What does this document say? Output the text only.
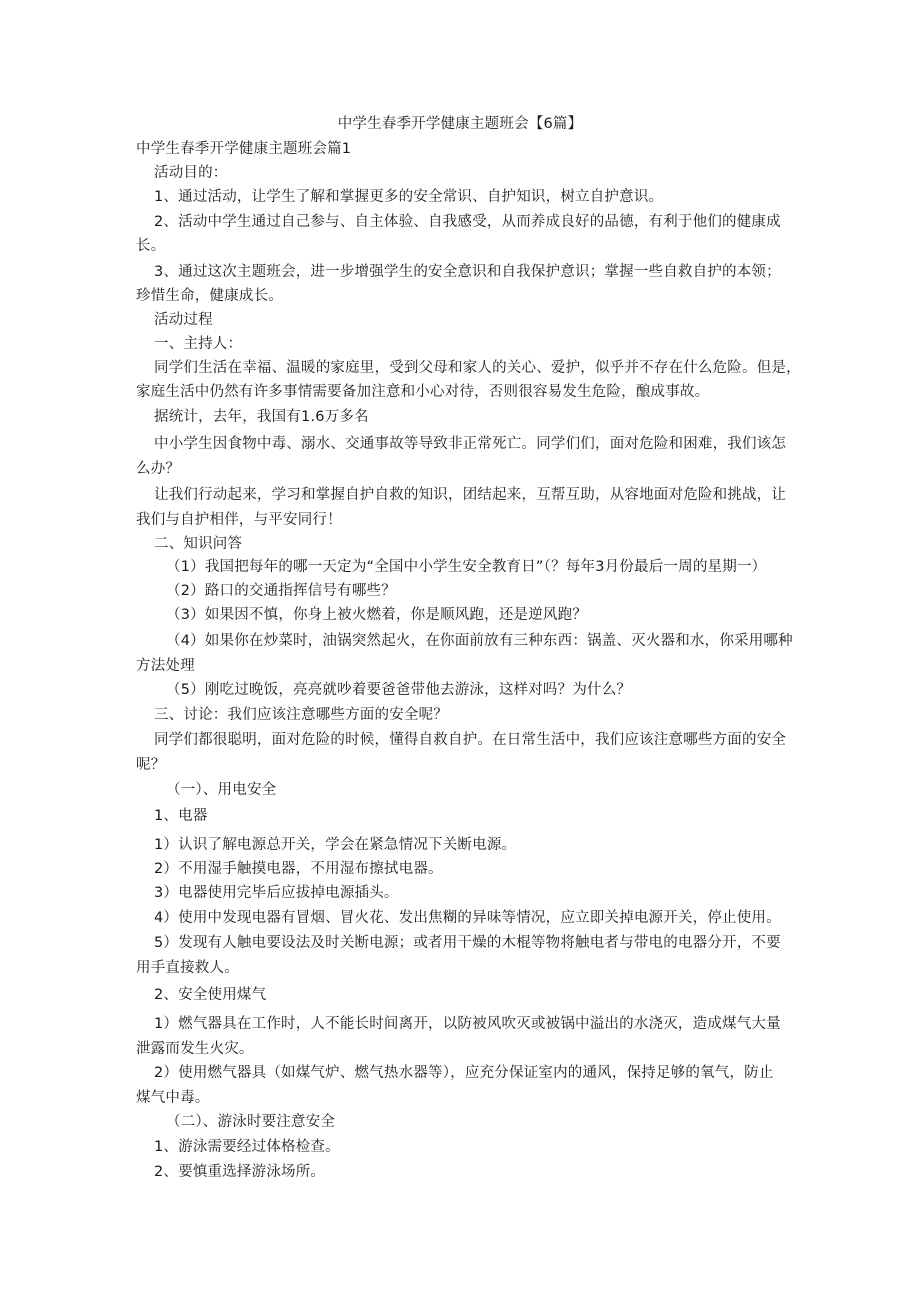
中学生春季开学健康主题班会【6篇】

中学生春季开学健康主题班会篇1

活动目的：

1、通过活动，让学生了解和掌握更多的安全常识、自护知识，树立自护意识。

2、活动中学生通过自己参与、自主体验、自我感受，从而养成良好的品德，有利于他们的健康成

长。

3、通过这次主题班会，进一步增强学生的安全意识和自我保护意识；掌握一些自救自护的本领；

珍惜生命，健康成长。

活动过程

一、主持人：

同学们生活在幸福、温暖的家庭里，受到父母和家人的关心、爱护，似乎并不存在什么危险。但是，

家庭生活中仍然有许多事情需要备加注意和小心对待，否则很容易发生危险，酿成事故。

据统计，去年，我国有1.6万多名

中小学生因食物中毒、溺水、交通事故等导致非正常死亡。同学们们，面对危险和困难，我们该怎

么办？

让我们行动起来，学习和掌握自护自救的知识，团结起来，互帮互助，从容地面对危险和挑战，让

我们与自护相伴，与平安同行！

二、知识问答

（1）我国把每年的哪一天定为“全国中小学生安全教育日”（？每年3月份最后一周的星期一）

（2）路口的交通指挥信号有哪些？

（3）如果因不慎，你身上被火燃着，你是顺风跑，还是逆风跑？

（4）如果你在炒菜时，油锅突然起火，在你面前放有三种东西：锅盖、灭火器和水，你采用哪种

方法处理

（5）刚吃过晚饭，亮亮就吵着要爸爸带他去游泳，这样对吗？为什么？

三、讨论：我们应该注意哪些方面的安全呢？

同学们都很聪明，面对危险的时候，懂得自救自护。在日常生活中，我们应该注意哪些方面的安全

呢？

（一）、用电安全

1、电器

1）认识了解电源总开关，学会在紧急情况下关断电源。

2）不用湿手触摸电器，不用湿布擦拭电器。

3）电器使用完毕后应拔掉电源插头。

4）使用中发现电器有冒烟、冒火花、发出焦糊的异味等情况，应立即关掉电源开关，停止使用。

5）发现有人触电要设法及时关断电源；或者用干燥的木棍等物将触电者与带电的电器分开，不要

用手直接救人。

2、安全使用煤气

1）燃气器具在工作时，人不能长时间离开，以防被风吹灭或被锅中溢出的水浇灭，造成煤气大量

泄露而发生火灾。

2）使用燃气器具（如煤气炉、燃气热水器等），应充分保证室内的通风，保持足够的氧气，防止

煤气中毒。

（二）、游泳时要注意安全

1、游泳需要经过体格检查。

2、要慎重选择游泳场所。
